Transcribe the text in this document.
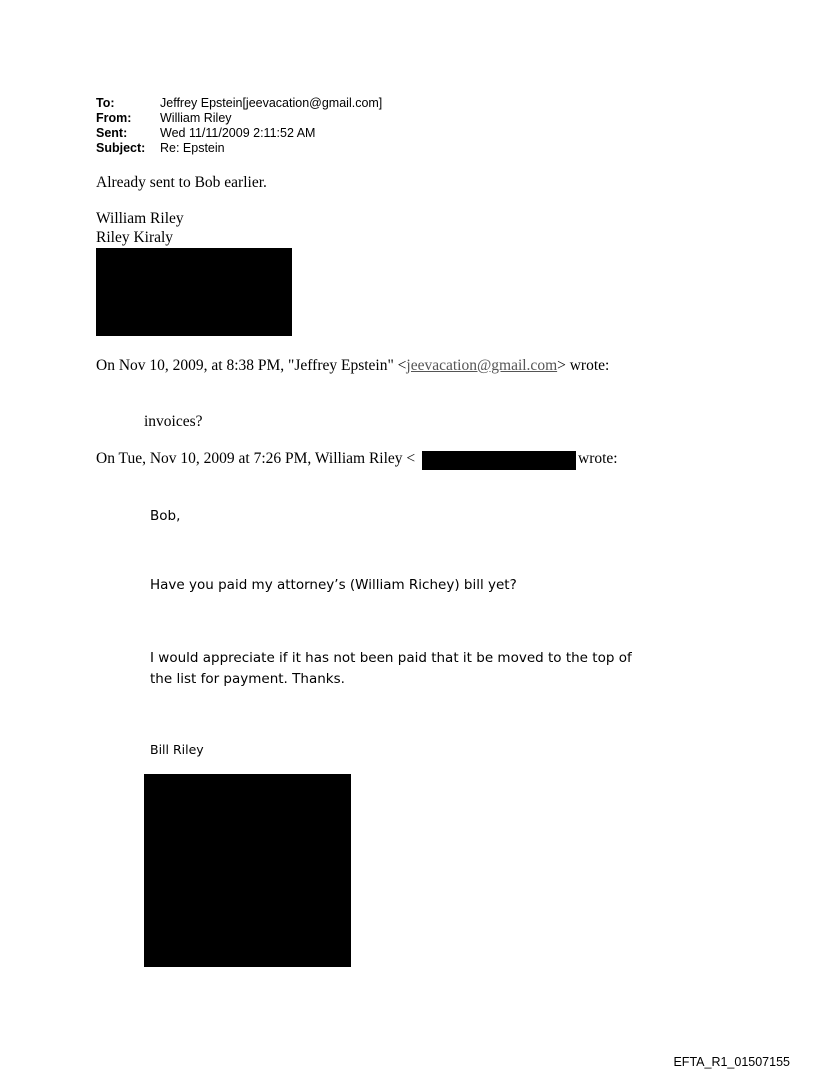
To:	Jeffrey Epstein[jeevacation@gmail.com]
From:	William Riley
Sent:	Wed 11/11/2009 2:11:52 AM
Subject:	Re: Epstein
Already sent to Bob earlier.
William Riley
Riley Kiraly
On Nov 10, 2009, at 8:38 PM, "Jeffrey Epstein" <jeevacation@gmail.com> wrote:
invoices?
On Tue, Nov 10, 2009 at 7:26 PM, William Riley <	wrote:
Bob,
Have you paid my attorney’s (William Richey) bill yet?
I would appreciate if it has not been paid that it be moved to the top of
the list for payment. Thanks.
Bill Riley
EFTA_R1_01507155
